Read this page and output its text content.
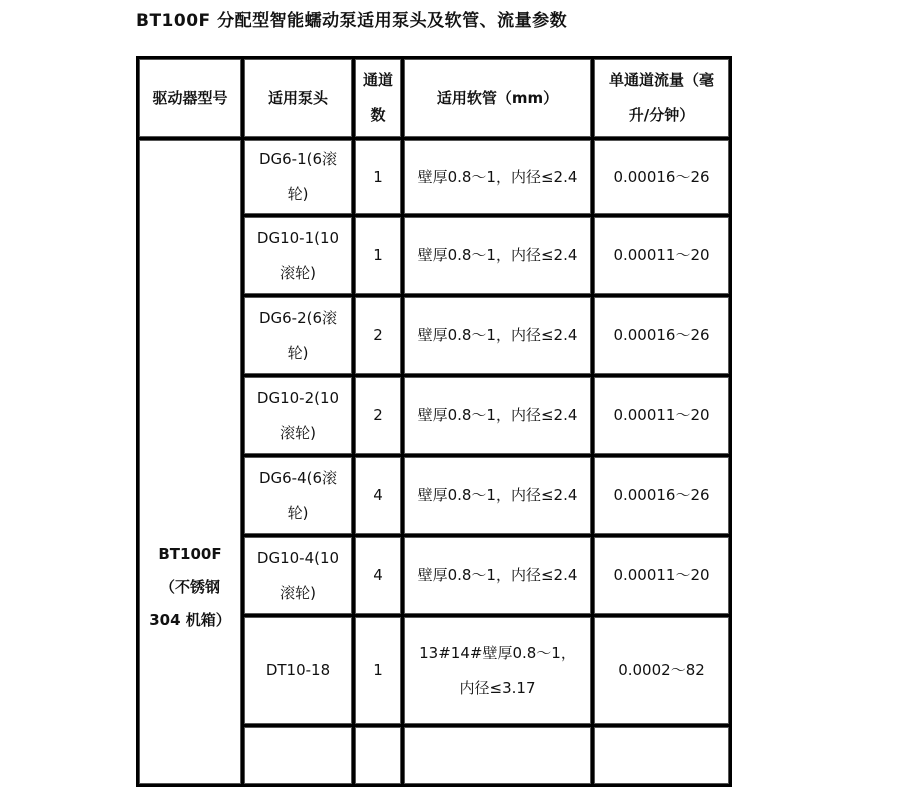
BT100F 分配型智能蠕动泵适用泵头及软管、流量参数
驱动器型号	适用泵头	通道数	适用软管（mm）	单通道流量（毫升/分钟）

BT100F
（不锈钢
304 机箱）	DG6-1(6滚轮)	1	壁厚0.8～1，内径≤2.4	0.00016～26
	DG10-1(10滚轮)	1	壁厚0.8～1，内径≤2.4	0.00011～20
	DG6-2(6滚轮)	2	壁厚0.8～1，内径≤2.4	0.00016～26
	DG10-2(10滚轮)	2	壁厚0.8～1，内径≤2.4	0.00011～20
	DG6-4(6滚轮)	4	壁厚0.8～1，内径≤2.4	0.00016～26
	DG10-4(10滚轮)	4	壁厚0.8～1，内径≤2.4	0.00011～20
	DT10-18	1	13#14#壁厚0.8～1，内径≤3.17	0.0002～82
